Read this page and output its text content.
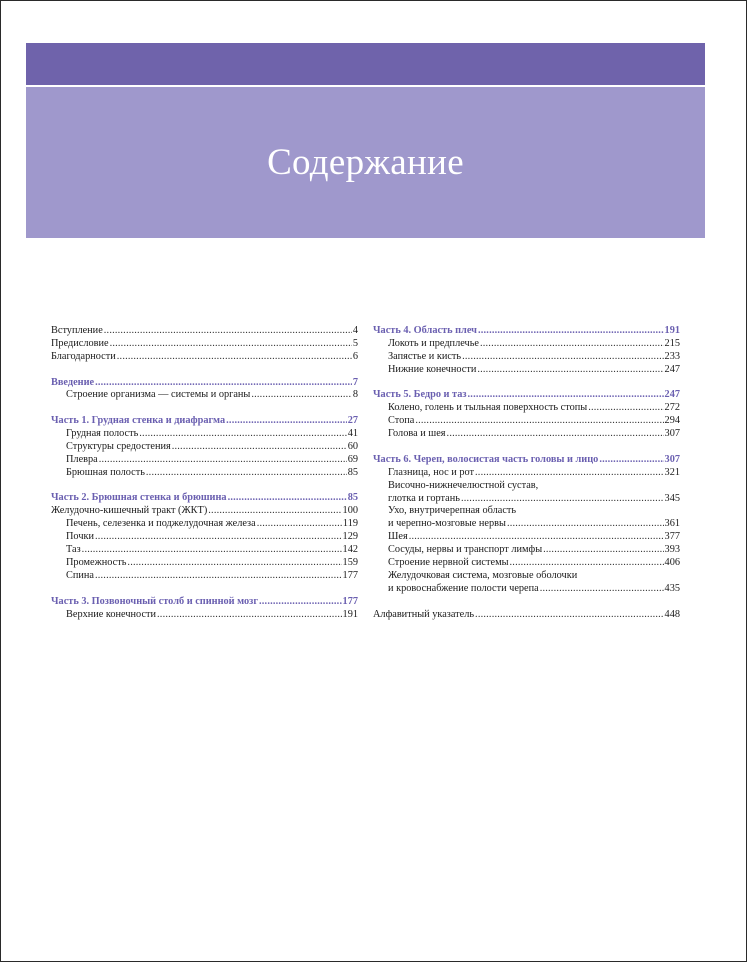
Содержание
Вступление .....	4
Предисловие .....	5
Благодарности .....	6
Введение .....	7
Строение организма — системы и органы .....	8
Часть 1. Грудная стенка и диафрагма .....	27
Грудная полость .....	41
Структуры средостения .....	60
Плевра .....	69
Брюшная полость .....	85
Часть 2. Брюшная стенка и брюшина .....	85
Желудочно-кишечный тракт (ЖКТ) .....	100
Печень, селезенка и поджелудочная железа .....	119
Почки .....	129
Таз .....	142
Промежность .....	159
Спина .....	177
Часть 3. Позвоночный столб и спинной мозг .....	177
Верхние конечности .....	191
Часть 4. Область плеч .....	191
Локоть и предплечье .....	215
Запястье и кисть .....	233
Нижние конечности .....	247
Часть 5. Бедро и таз .....	247
Колено, голень и тыльная поверхность стопы .....	272
Стопа .....	294
Голова и шея .....	307
Часть 6. Череп, волосистая часть головы и лицо .....	307
Глазница, нос и рот .....	321
Височно-нижнечелюстной сустав,
глотка и гортань .....	345
Ухо, внутричерепная область
и черепно-мозговые нервы .....	361
Шея .....	377
Сосуды, нервы и транспорт лимфы .....	393
Строение нервной системы .....	406
Желудочковая система, мозговые оболочки
и кровоснабжение полости черепа .....	435
Алфавитный указатель .....	448
